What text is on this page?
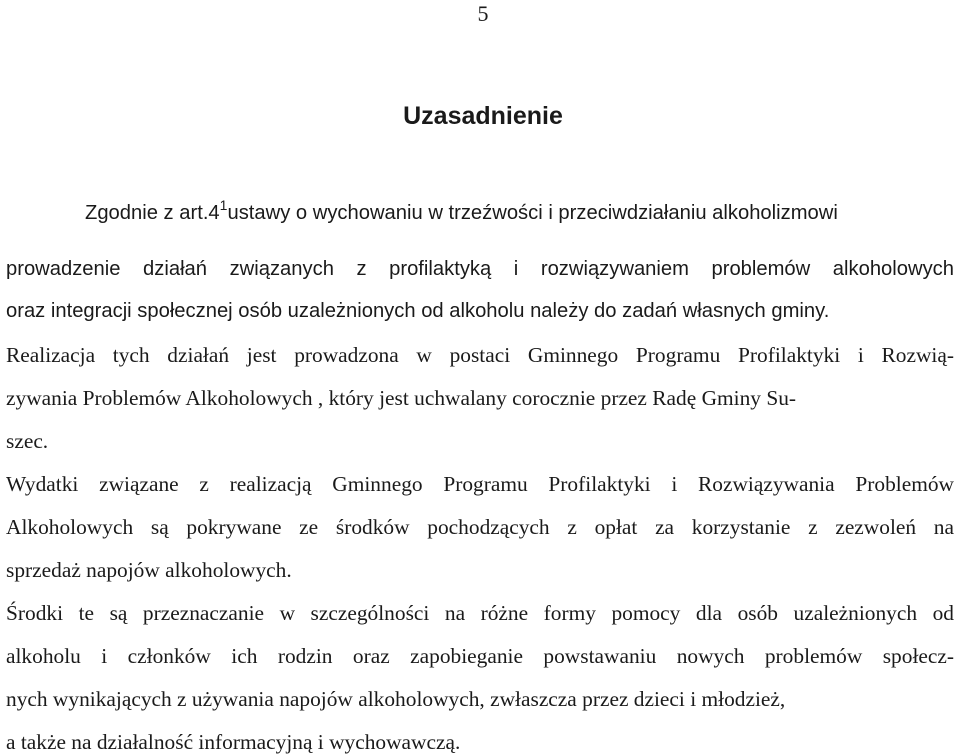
5
Uzasadnienie
Zgodnie z $art.4^1ustawy$ o wychowaniu w trzeźwości i przeciwdziałaniu alkoholizmowi
prowadzenie działań związanych z profilaktyką i rozwiązywaniem problemów alkoholowych
oraz integracji społecznej osób uzależnionych od alkoholu należy do zadań własnych gminy.
Realizacja tych działań jest prowadzona w postaci Gminnego Programu Profilaktyki i Rozwią-
zywania Problemów Alkoholowych , który jest uchwalany corocznie przez Radę Gminy Su-
szec.
Wydatki związane z realizacją Gminnego Programu Profilaktyki i Rozwiązywania Problemów
Alkoholowych są pokrywane ze środków pochodzących z opłat za korzystanie z zezwoleń na
sprzedaż napojów alkoholowych.
Środki te są przeznaczanie w szczególności na różne formy pomocy dla osób uzależnionych od
alkoholu i członków ich rodzin oraz zapobieganie powstawaniu nowych problemów społecz-
nych wynikających z używania napojów alkoholowych, zwłaszcza przez dzieci i młodzież,
a także na działalność informacyjną i wychowawczą.
